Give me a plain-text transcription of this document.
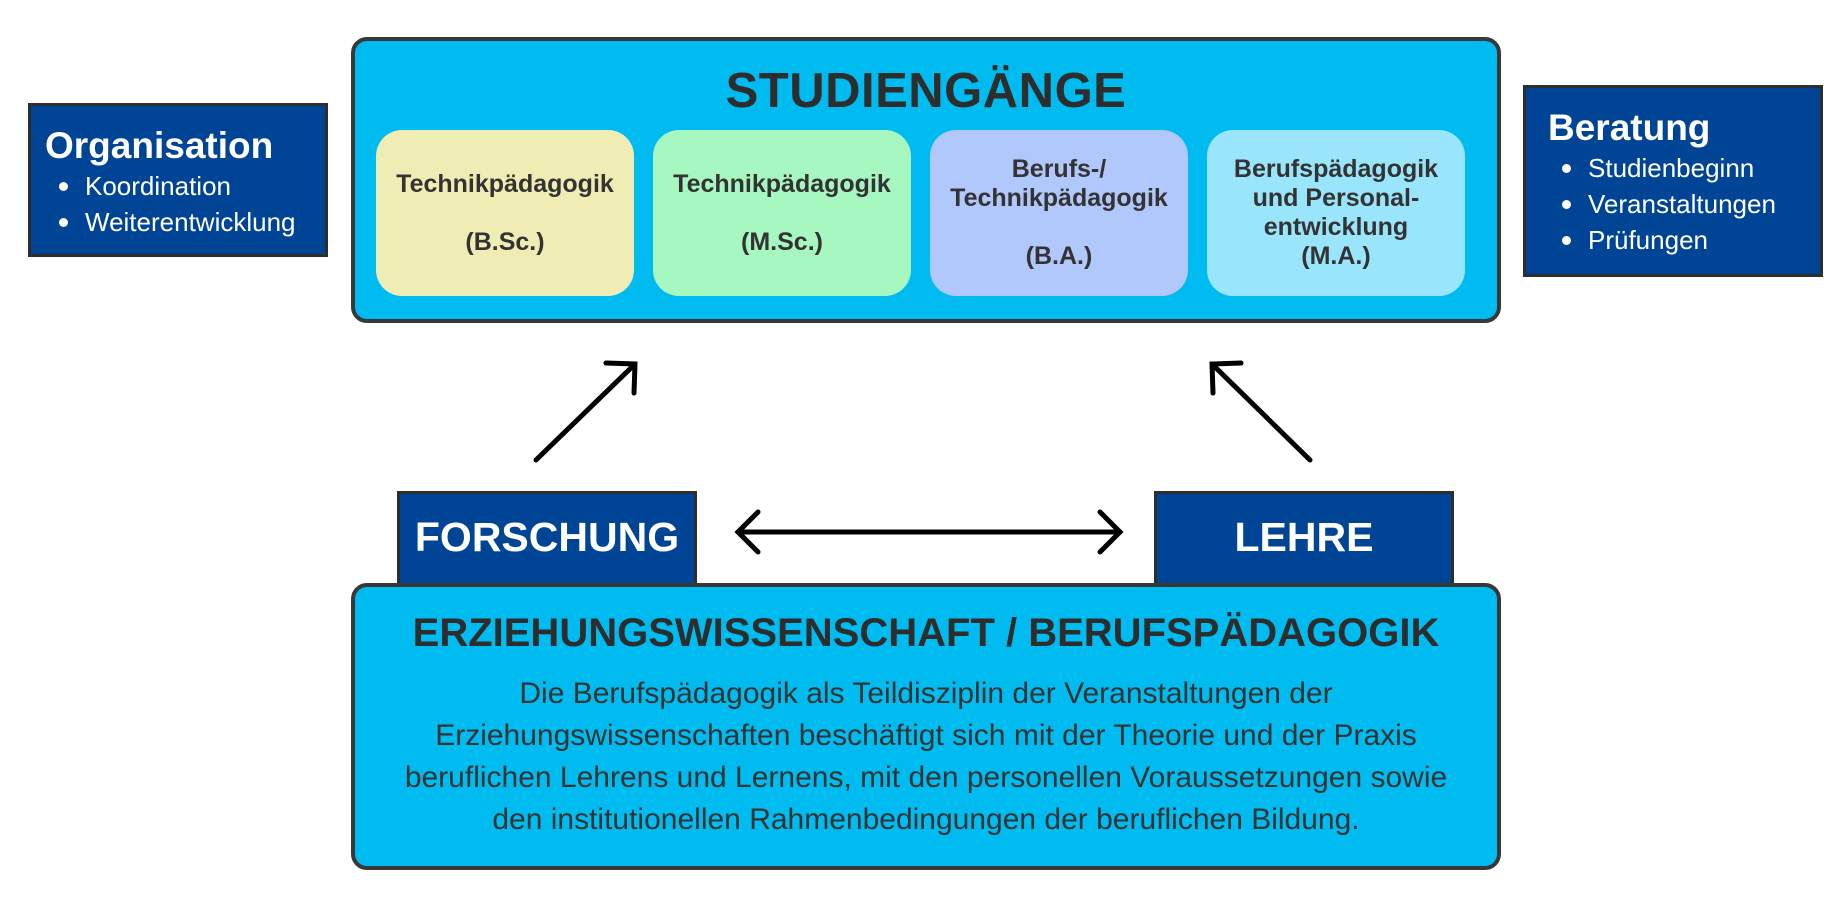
Organisation
Koordination
Weiterentwicklung
Beratung
Studienbeginn
Veranstaltungen
Prüfungen
STUDIENGÄNGE
Technikpädagogik
(B.Sc.)
Technikpädagogik
(M.Sc.)
Berufs-/
Technikpädagogik
(B.A.)
Berufspädagogik
und Personal-
entwicklung
(M.A.)
FORSCHUNG	LEHRE
ERZIEHUNGSWISSENSCHAFT / BERUFSPÄDAGOGIK
Die Berufspädagogik als Teildisziplin der Veranstaltungen der Erziehungswissenschaften beschäftigt sich mit der Theorie und der Praxis beruflichen Lehrens und Lernens, mit den personellen Voraussetzungen sowie den institutionellen Rahmenbedingungen der beruflichen Bildung.
